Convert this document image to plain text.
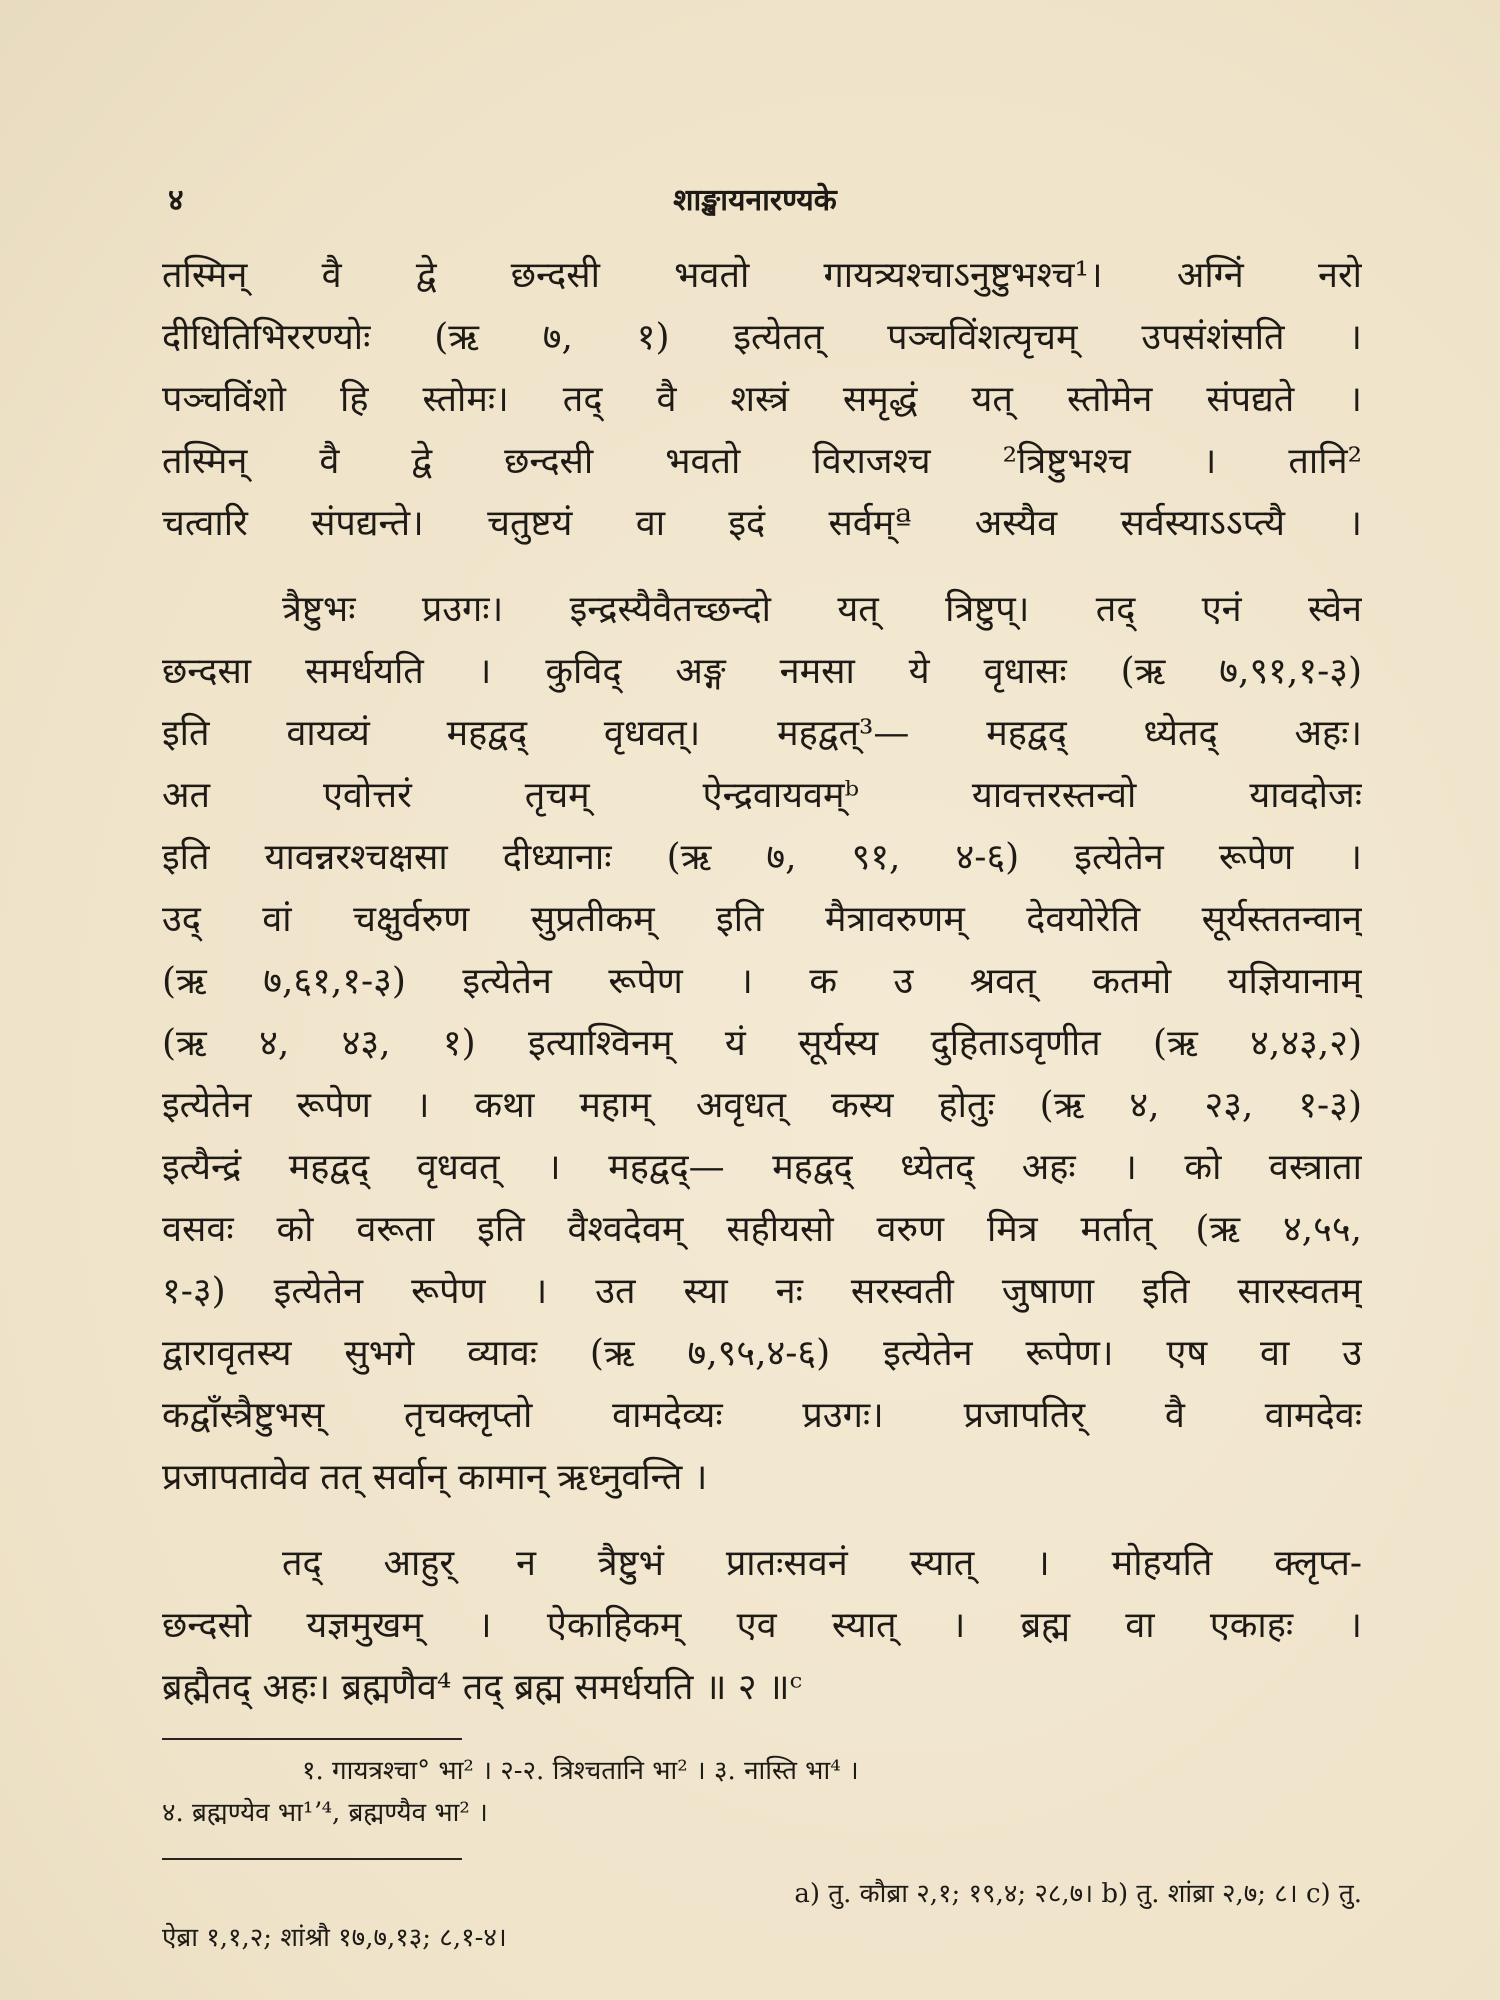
४	शाङ्खायनारण्यके
तस्मिन् वै द्वे छन्दसी भवतो गायत्र्यश्चाऽनुष्टुभश्च¹। अग्निं नरो
दीधितिभिररण्योः (ऋ ७, १) इत्येतत् पञ्चविंशत्यृचम् उपसंशंसति ।
पञ्चविंशो हि स्तोमः। तद् वै शस्त्रं समृद्धं यत् स्तोमेन संपद्यते ।
तस्मिन् वै द्वे छन्दसी भवतो विराजश्च ²त्रिष्टुभश्च । तानि²
चत्वारि संपद्यन्ते। चतुष्टयं वा इदं सर्वम्ª अस्यैव सर्वस्याऽऽप्त्यै ।
त्रैष्टुभः प्रउगः। इन्द्रस्यैवैतच्छन्दो यत् त्रिष्टुप्। तद् एनं स्वेन
छन्दसा समर्धयति । कुविद् अङ्ग नमसा ये वृधासः (ऋ ७,९१,१-३)
इति वायव्यं महद्वद् वृधवत्। महद्वत्³— महद्वद् ध्येतद् अहः।
अत एवोत्तरं तृचम् ऐन्द्रवायवम्ᵇ यावत्तरस्तन्वो यावदोजः
इति यावन्नरश्चक्षसा दीध्यानाः (ऋ ७, ९१, ४-६) इत्येतेन रूपेण ।
उद् वां चक्षुर्वरुण सुप्रतीकम् इति मैत्रावरुणम् देवयोरेति सूर्यस्ततन्वान्
(ऋ ७,६१,१-३) इत्येतेन रूपेण । क उ श्रवत् कतमो यज्ञियानाम्
(ऋ ४, ४३, १) इत्याश्विनम् यं सूर्यस्य दुहिताऽवृणीत (ऋ ४,४३,२)
इत्येतेन रूपेण । कथा महाम् अवृधत् कस्य होतुः (ऋ ४, २३, १-३)
इत्यैन्द्रं महद्वद् वृधवत् । महद्वद्— महद्वद् ध्येतद् अहः । को वस्त्राता
वसवः को वरूता इति वैश्वदेवम् सहीयसो वरुण मित्र मर्तात् (ऋ ४,५५,
१-३) इत्येतेन रूपेण । उत स्या नः सरस्वती जुषाणा इति सारस्वतम्
द्वारावृतस्य सुभगे व्यावः (ऋ ७,९५,४-६) इत्येतेन रूपेण। एष वा उ
कद्वाँस्त्रैष्टुभस् तृचक्लृप्तो वामदेव्यः प्रउगः। प्रजापतिर् वै वामदेवः
प्रजापतावेव तत् सर्वान् कामान् ऋध्नुवन्ति ।
तद् आहुर् न त्रैष्टुभं प्रातःसवनं स्यात् । मोहयति क्लृप्त-
छन्दसो यज्ञमुखम् । ऐकाहिकम् एव स्यात् । ब्रह्म वा एकाहः ।
ब्रह्मैतद् अहः। ब्रह्मणैव⁴ तद् ब्रह्म समर्धयति ॥ २ ॥ᶜ
१. गायत्रश्चा° भा² । २-२. त्रिश्चतानि भा² । ३. नास्ति भा⁴ ।
४. ब्रह्मण्येव भा¹ʼ⁴, ब्रह्मण्यैव भा² ।
a) तु. कौब्रा २,१; १९,४; २८,७। b) तु. शांब्रा २,७; ८। c) तु.
ऐब्रा १,१,२; शांश्रौ १७,७,१३; ८,१-४।
